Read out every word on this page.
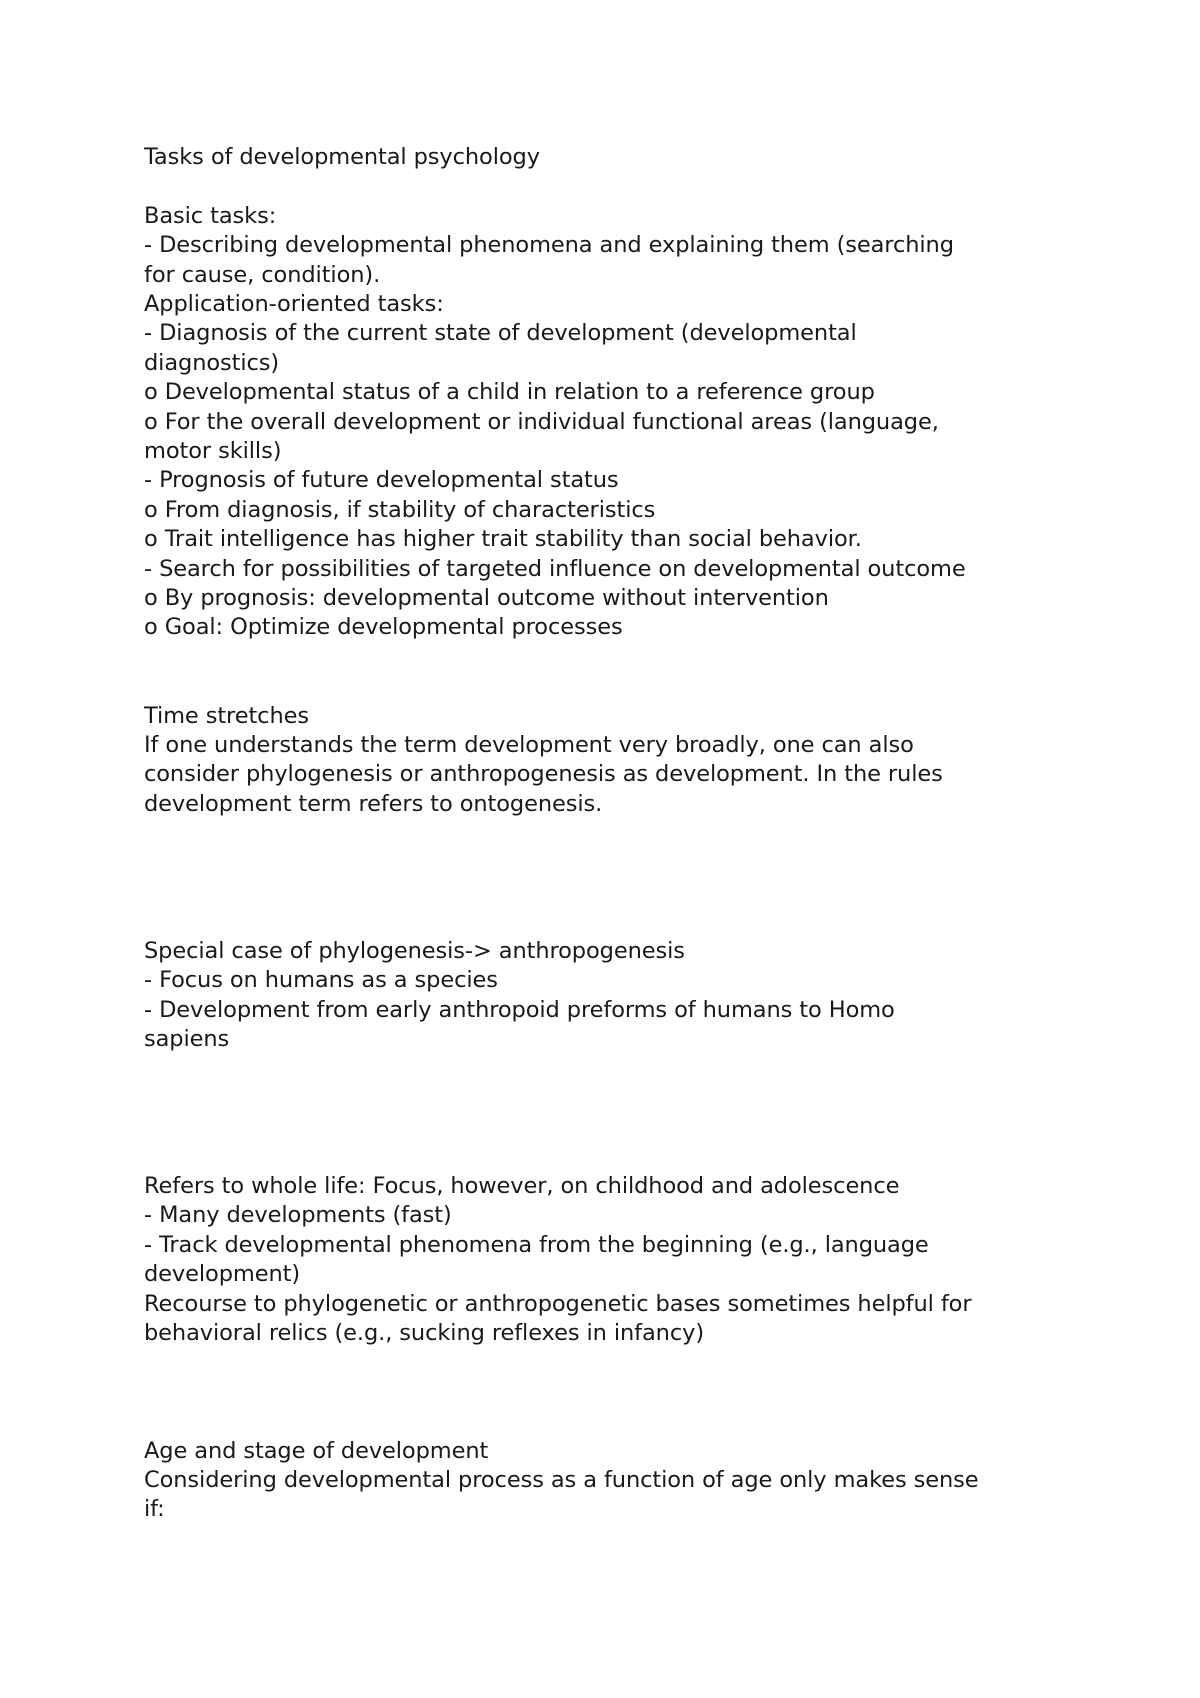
Tasks of developmental psychology
Basic tasks:
- Describing developmental phenomena and explaining them (searching
for cause, condition).
Application-oriented tasks:
- Diagnosis of the current state of development (developmental
diagnostics)
o Developmental status of a child in relation to a reference group
o For the overall development or individual functional areas (language,
motor skills)
- Prognosis of future developmental status
o From diagnosis, if stability of characteristics
o Trait intelligence has higher trait stability than social behavior.
- Search for possibilities of targeted influence on developmental outcome
o By prognosis: developmental outcome without intervention
o Goal: Optimize developmental processes
Time stretches
If one understands the term development very broadly, one can also
consider phylogenesis or anthropogenesis as development. In the rules
development term refers to ontogenesis.
Special case of phylogenesis-> anthropogenesis
- Focus on humans as a species
- Development from early anthropoid preforms of humans to Homo
sapiens
Refers to whole life: Focus, however, on childhood and adolescence
- Many developments (fast)
- Track developmental phenomena from the beginning (e.g., language
development)
Recourse to phylogenetic or anthropogenetic bases sometimes helpful for
behavioral relics (e.g., sucking reflexes in infancy)
Age and stage of development
Considering developmental process as a function of age only makes sense
if:
